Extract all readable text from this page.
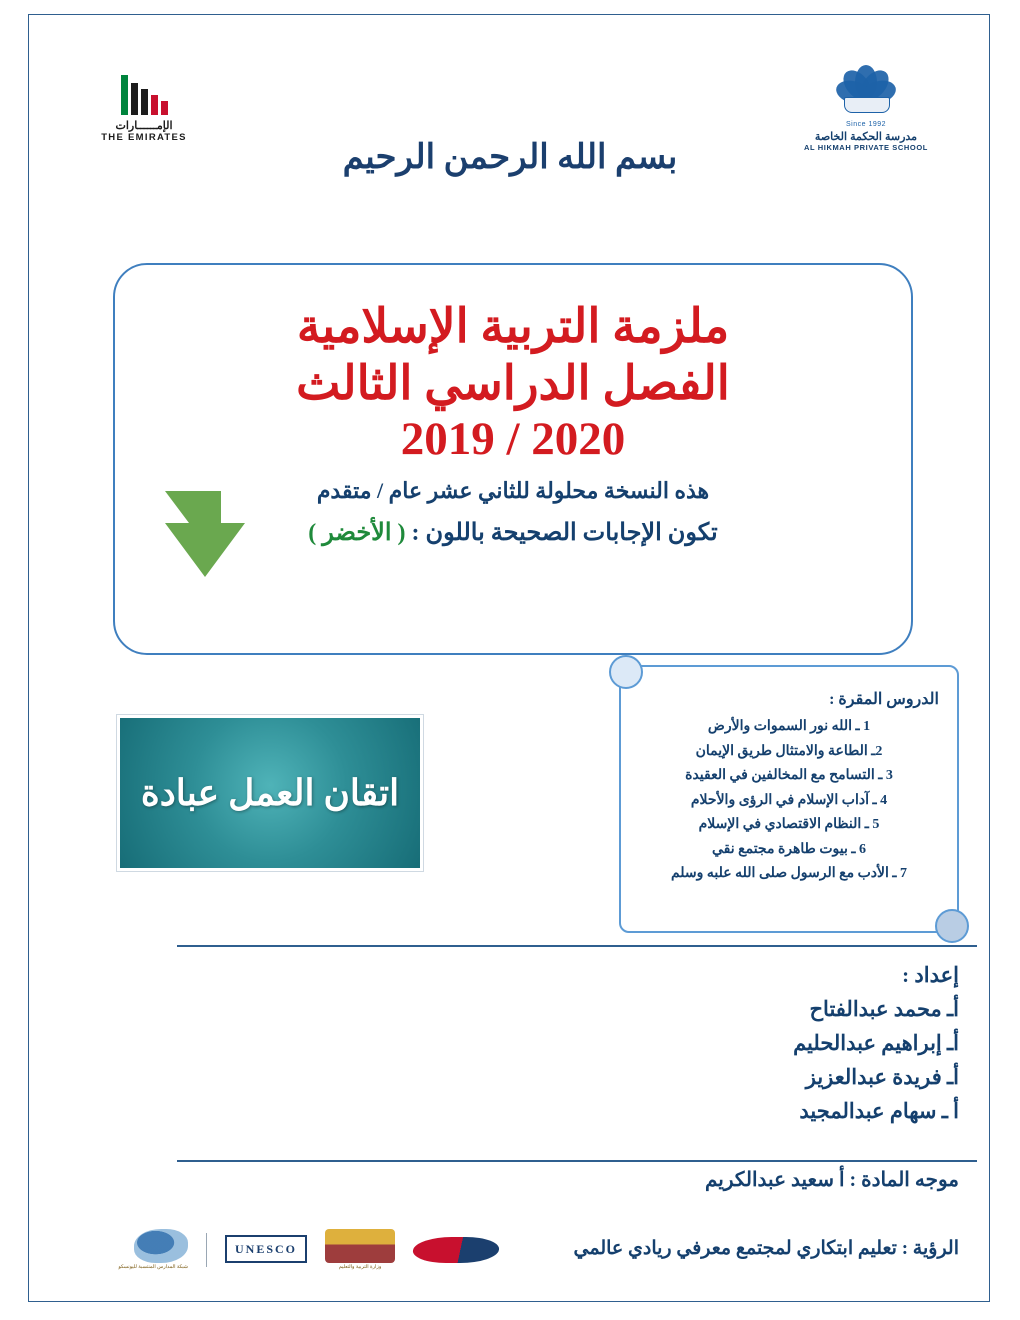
الإمــــــارات
THE EMIRATES
بسم الله الرحمن الرحيم
Since 1992
مدرسة الحكمة الخاصة
AL HIKMAH PRIVATE SCHOOL
ملزمة التربية الإسلامية
الفصل الدراسي الثالث
2019 / 2020
هذه النسخة محلولة للثاني عشر عام / متقدم
تكون الإجابات الصحيحة باللون : ( الأخضر )
اتقان العمل عبادة
الدروس المقرة :
1 ـ الله نور السموات والأرض
2ـ الطاعة والامتثال طريق الإيمان
3 ـ التسامح مع المخالفين في العقيدة
4 ـ آداب الإسلام في الرؤى والأحلام
5 ـ النظام الاقتصادي في الإسلام
6 ـ بيوت طاهرة مجتمع نقي
7 ـ الأدب مع الرسول صلى الله علبه وسلم
إعداد :
أـ محمد عبدالفتاح
أـ إبراهيم عبدالحليم
أـ فريدة عبدالعزيز
أ ـ سهام عبدالمجيد
موجه المادة : أ سعيد عبدالكريم
الرؤية : تعليم ابتكاري لمجتمع معرفي ريادي عالمي
وزارة التربية والتعليم
UNESCO
شبكة المدارس المنتسبة لليونسكو
